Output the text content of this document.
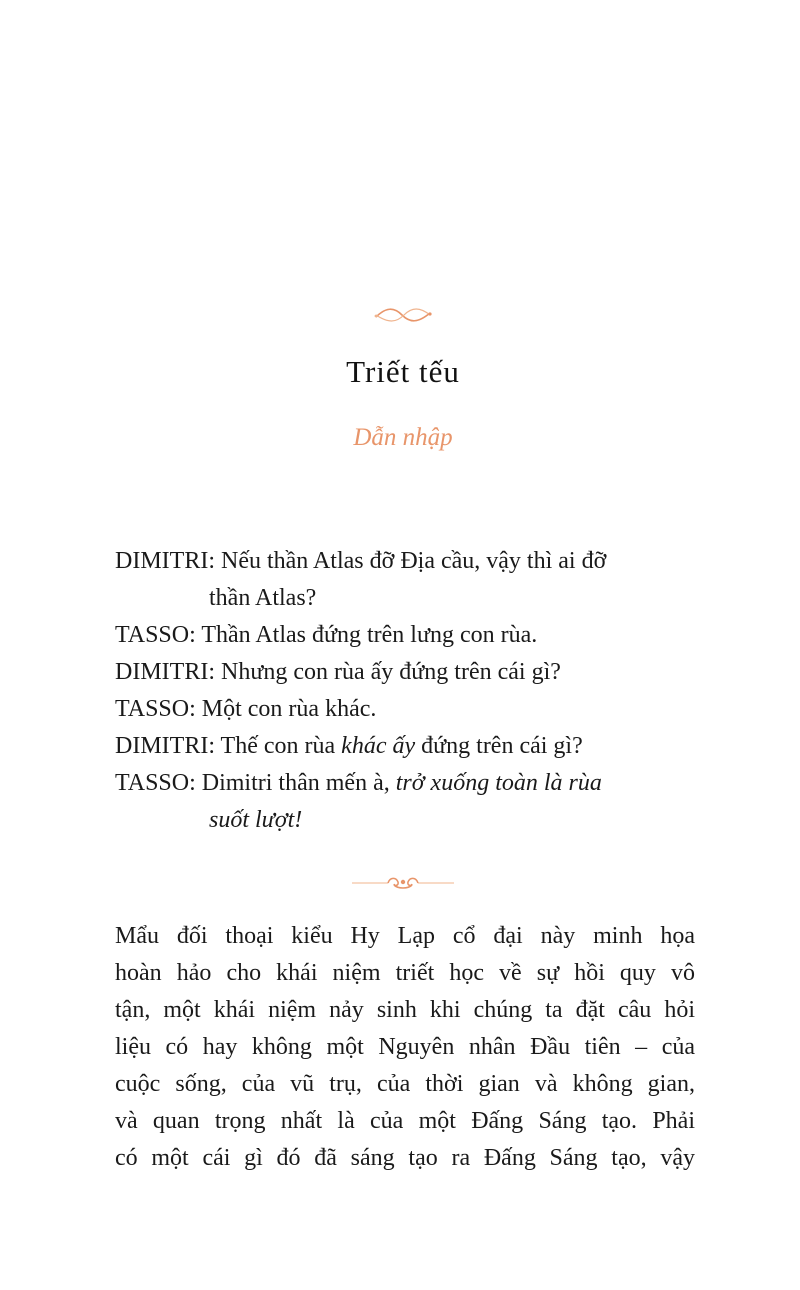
Triết tếu
Dẫn nhập
DIMITRI: Nếu thần Atlas đỡ Địa cầu, vậy thì ai đỡ
thần Atlas?
TASSO: Thần Atlas đứng trên lưng con rùa.
DIMITRI: Nhưng con rùa ấy đứng trên cái gì?
TASSO: Một con rùa khác.
DIMITRI: Thế con rùa khác ấy đứng trên cái gì?
TASSO: Dimitri thân mến à, trở xuống toàn là rùa
suốt lượt!
Mẩu đối thoại kiểu Hy Lạp cổ đại này minh họa
hoàn hảo cho khái niệm triết học về sự hồi quy vô
tận, một khái niệm nảy sinh khi chúng ta đặt câu hỏi
liệu có hay không một Nguyên nhân Đầu tiên – của
cuộc sống, của vũ trụ, của thời gian và không gian,
và quan trọng nhất là của một Đấng Sáng tạo. Phải
có một cái gì đó đã sáng tạo ra Đấng Sáng tạo, vậy
